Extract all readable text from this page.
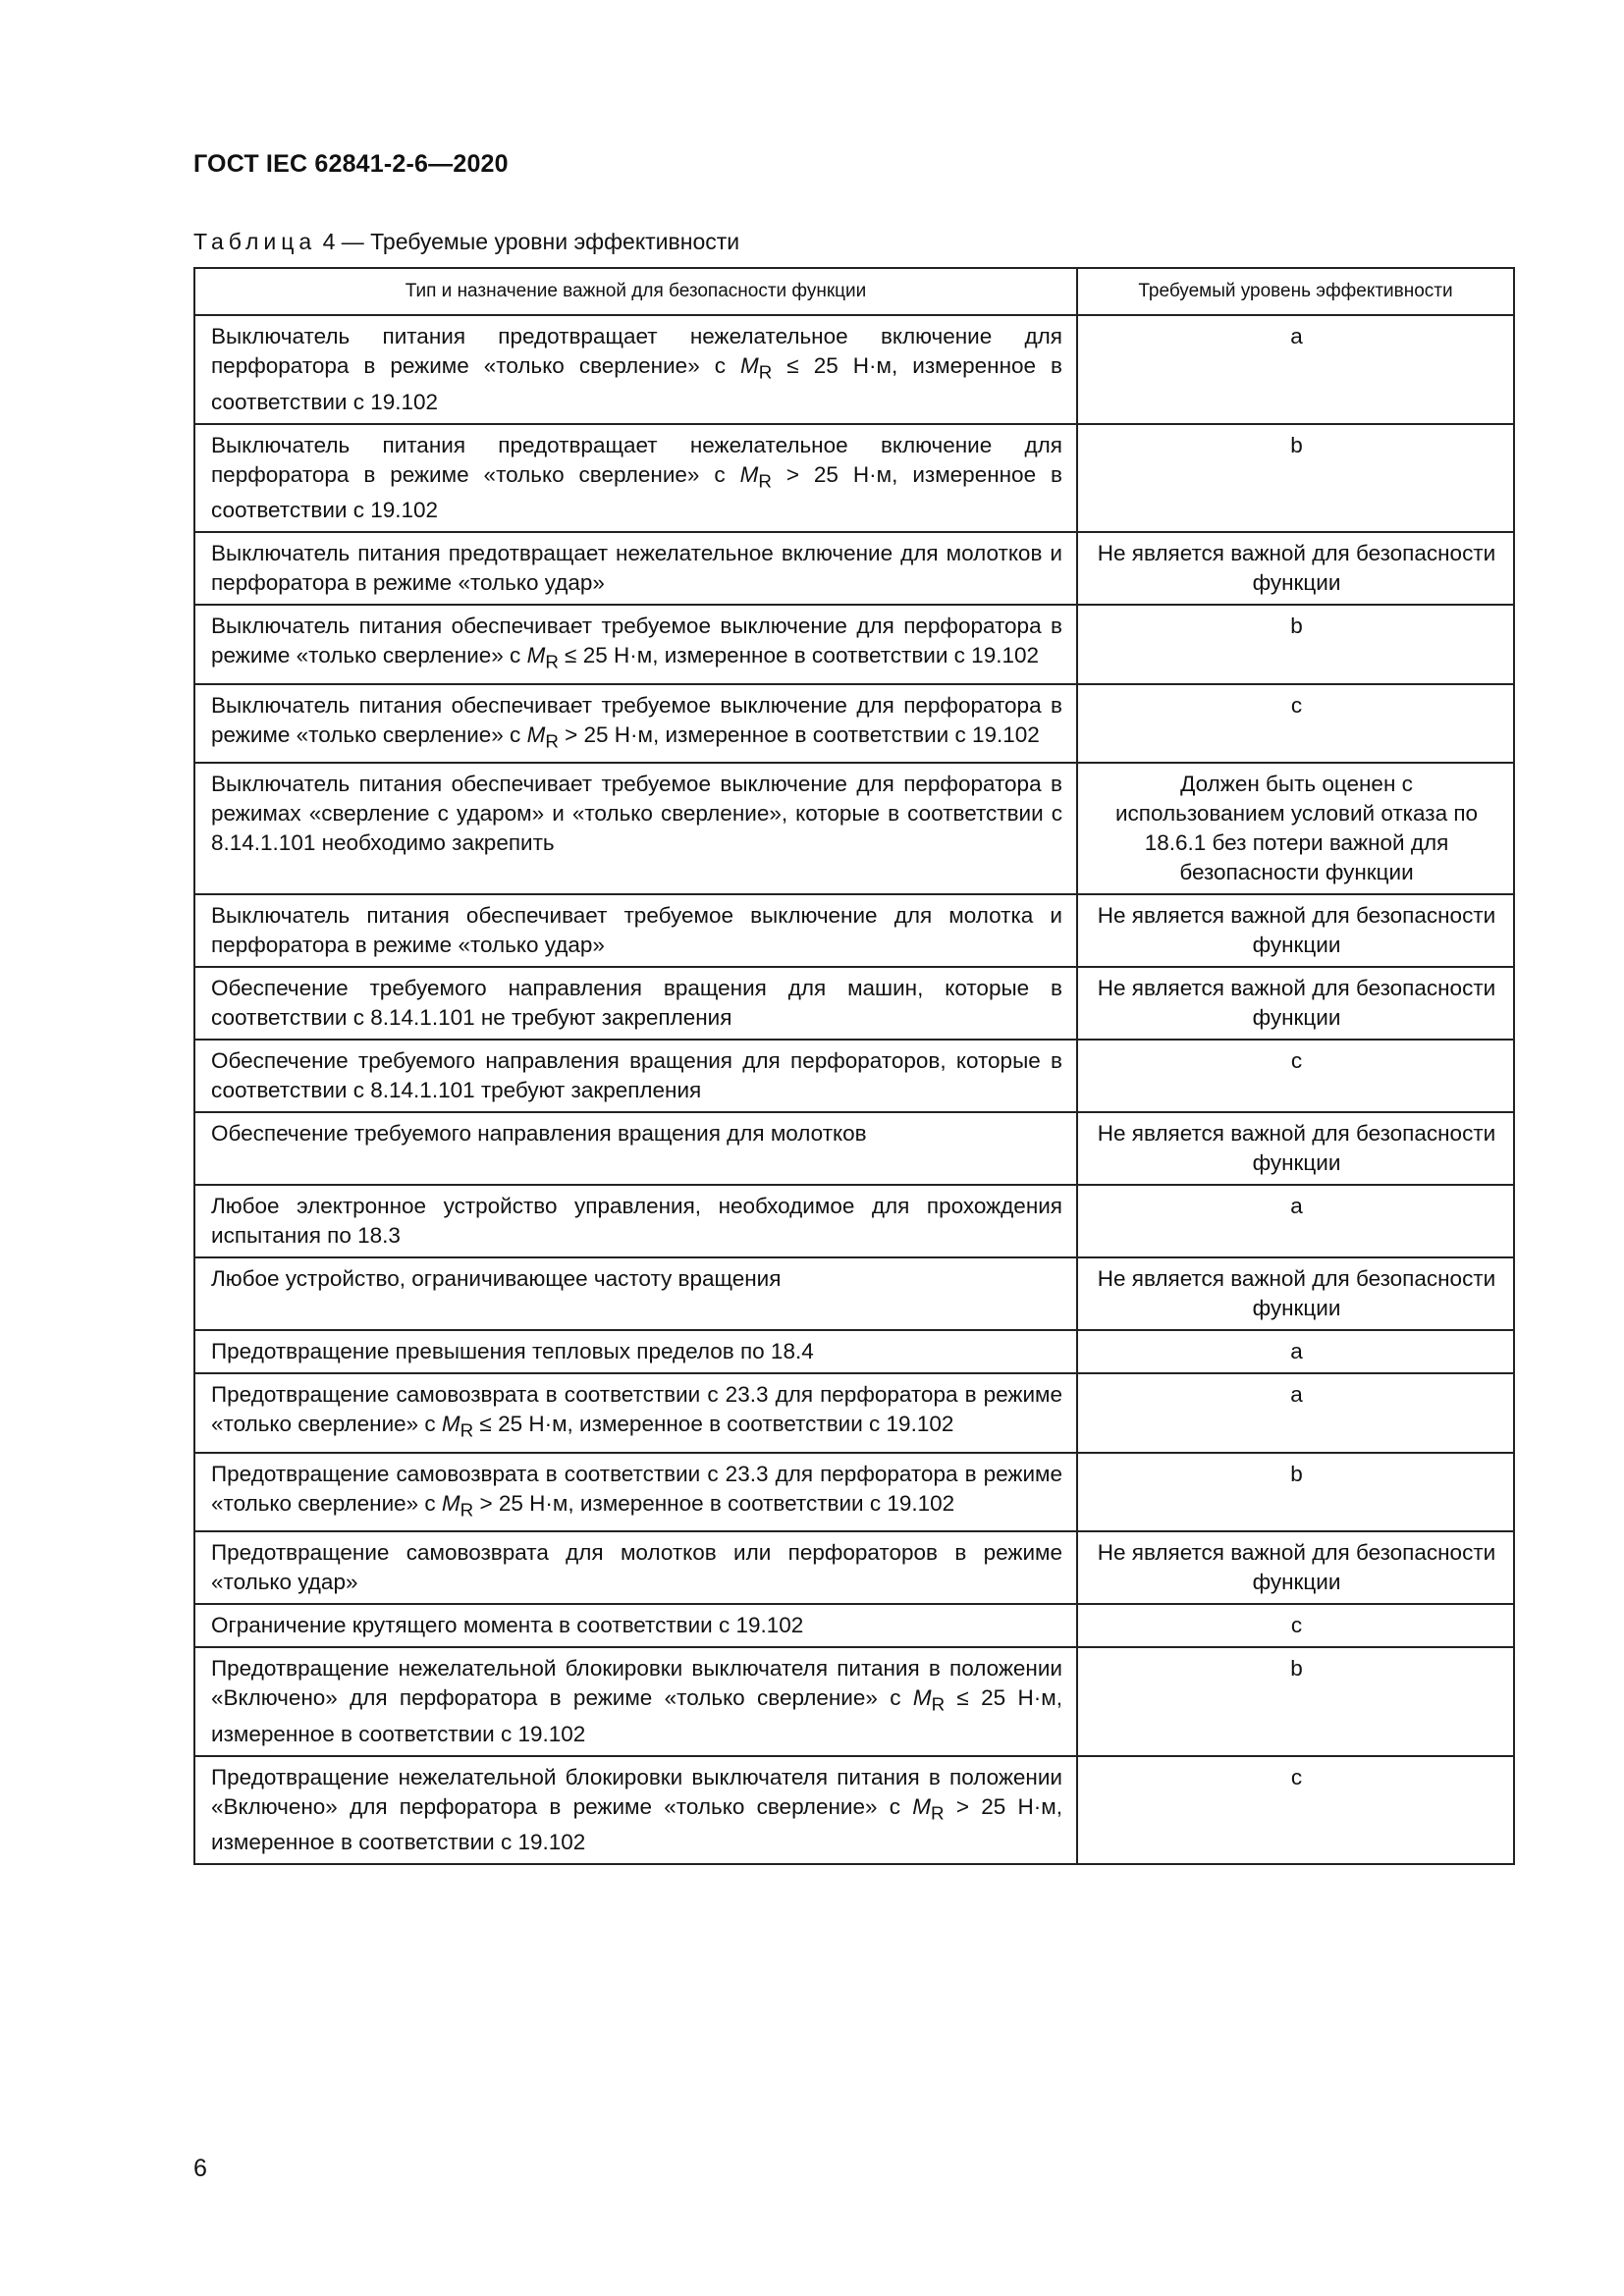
ГОСТ IEC 62841-2-6—2020
Таблица 4 — Требуемые уровни эффективности
Тип и назначение важной для безопасности функции	Требуемый уровень эффективности
Выключатель питания предотвращает нежелательное включение для перфоратора в режиме «только сверление» с $M_R \le 25$ Н·м, измеренное в соответствии с 19.102	a
Выключатель питания предотвращает нежелательное включение для перфоратора в режиме «только сверление» с $M_R > 25$ Н·м, измеренное в соответствии с 19.102	b
Выключатель питания предотвращает нежелательное включение для молотков и перфоратора в режиме «только удар»	Не является важной для безопасности функции
Выключатель питания обеспечивает требуемое выключение для перфоратора в режиме «только сверление» с $M_R \le 25$ Н·м, измеренное в соответствии с 19.102	b
Выключатель питания обеспечивает требуемое выключение для перфоратора в режиме «только сверление» с $M_R > 25$ Н·м, измеренное в соответствии с 19.102	c
Выключатель питания обеспечивает требуемое выключение для перфоратора в режимах «сверление с ударом» и «только сверление», которые в соответствии с 8.14.1.101 необходимо закрепить	Должен быть оценен с использованием условий отказа по 18.6.1 без потери важной для безопасности функции
Выключатель питания обеспечивает требуемое выключение для молотка и перфоратора в режиме «только удар»	Не является важной для безопасности функции
Обеспечение требуемого направления вращения для машин, которые в соответствии с 8.14.1.101 не требуют закрепления	Не является важной для безопасности функции
Обеспечение требуемого направления вращения для перфораторов, которые в соответствии с 8.14.1.101 требуют закрепления	c
Обеспечение требуемого направления вращения для молотков	Не является важной для безопасности функции
Любое электронное устройство управления, необходимое для прохождения испытания по 18.3	a
Любое устройство, ограничивающее частоту вращения	Не является важной для безопасности функции
Предотвращение превышения тепловых пределов по 18.4	a
Предотвращение самовозврата в соответствии с 23.3 для перфоратора в режиме «только сверление» с $M_R \le 25$ Н·м, измеренное в соответствии с 19.102	a
Предотвращение самовозврата в соответствии с 23.3 для перфоратора в режиме «только сверление» с $M_R > 25$ Н·м, измеренное в соответствии с 19.102	b
Предотвращение самовозврата для молотков или перфораторов в режиме «только удар»	Не является важной для безопасности функции
Ограничение крутящего момента в соответствии с 19.102	c
Предотвращение нежелательной блокировки выключателя питания в положении «Включено» для перфоратора в режиме «только сверление» с $M_R \le 25$ Н·м, измеренное в соответствии с 19.102	b
Предотвращение нежелательной блокировки выключателя питания в положении «Включено» для перфоратора в режиме «только сверление» с $M_R > 25$ Н·м, измеренное в соответствии с 19.102	c
6
